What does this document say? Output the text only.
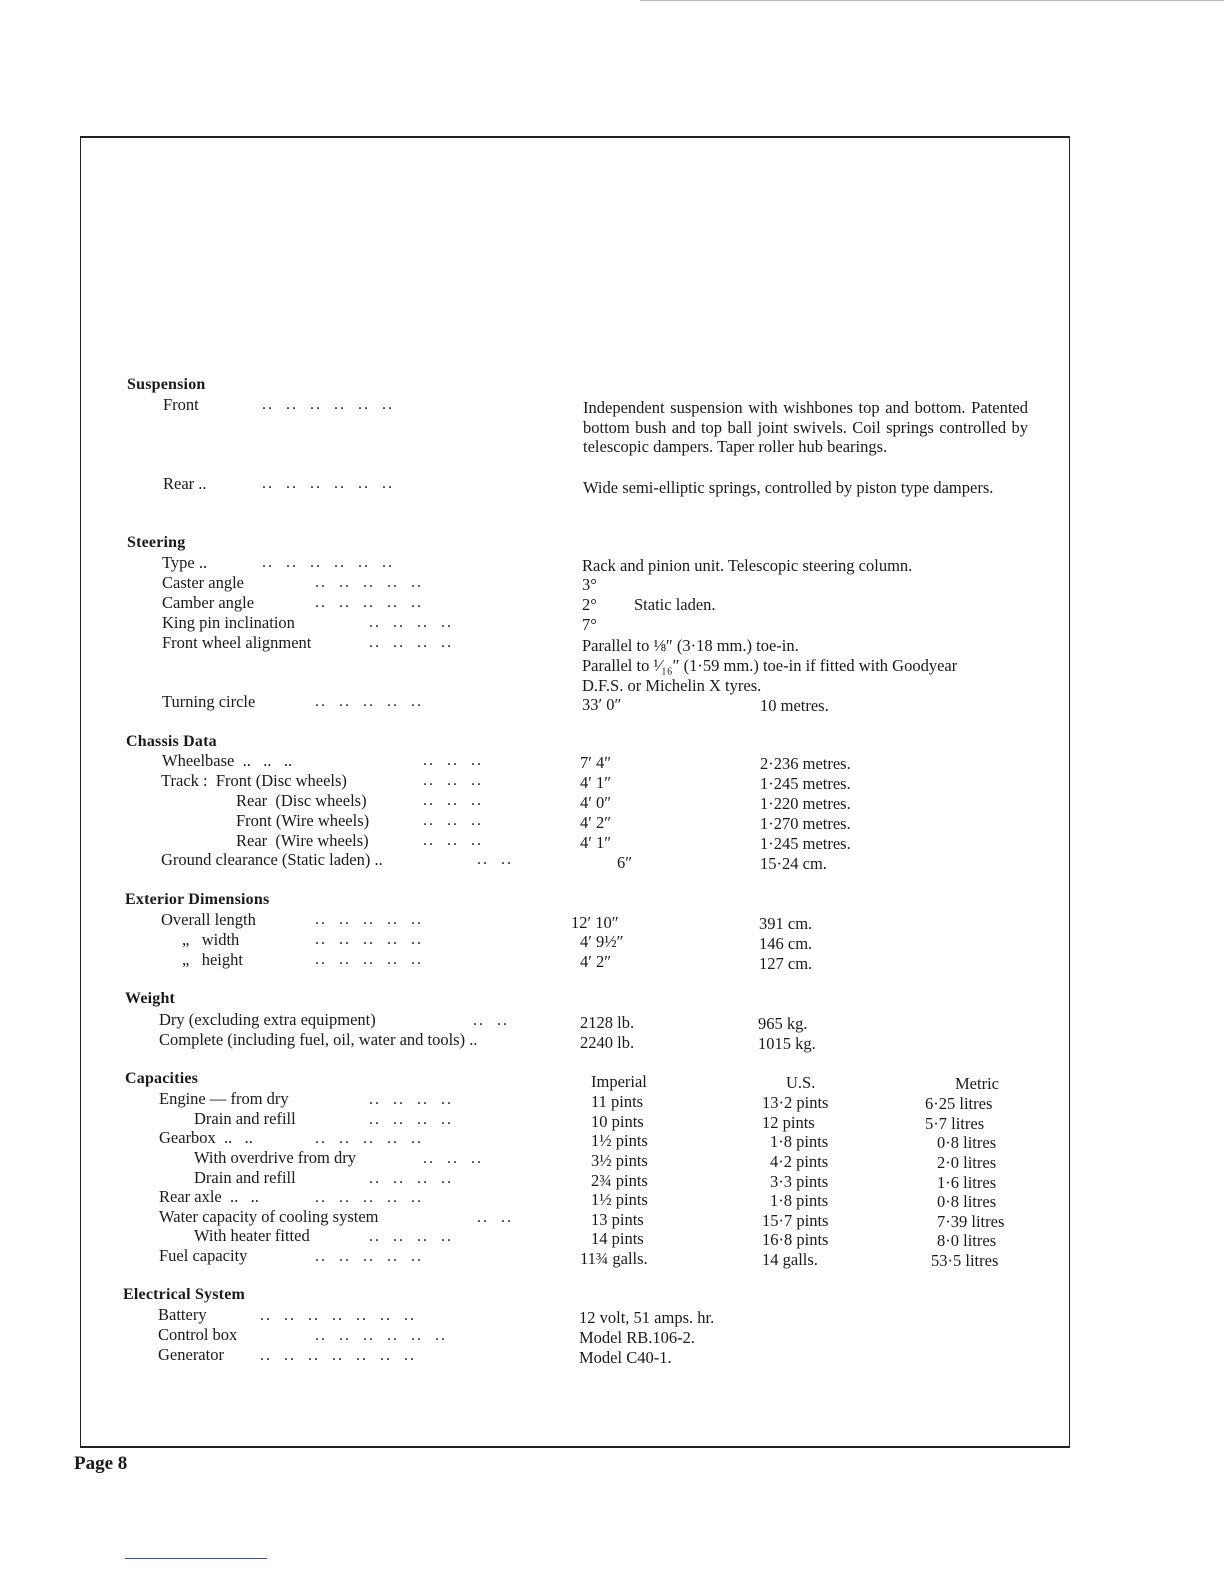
Suspension
Front	..  ..  ..  ..  ..  ..	Independent suspension with wishbones top and bottom. Patented bottom bush and top ball joint swivels. Coil springs controlled by telescopic dampers. Taper roller hub bearings.
Rear ..	..  ..  ..  ..  ..  ..	Wide semi-elliptic springs, controlled by piston type dampers.
Steering
Type ..	..  ..  ..  ..  ..  ..	Rack and pinion unit. Telescopic steering column.
Caster angle	..  ..  ..  ..  ..	3°
Camber angle	..  ..  ..  ..  ..	2° Static laden.
King pin inclination	..  ..  ..  ..	7°
Front wheel alignment	..  ..  ..  ..	Parallel to ⅛″ (3·18 mm.) toe-in.
Parallel to ¹⁄₁₆″ (1·59 mm.) toe-in if fitted with Goodyear
D.F.S. or Michelin X tyres.
Turning circle	..  ..  ..  ..  ..	33′ 0″	10 metres.
Chassis Data
Wheelbase  ..   ..   ..	..  ..  ..	7′ 4″	2·236 metres.
Track :  Front (Disc wheels)	..  ..  ..	4′ 1″	1·245 metres.
Rear  (Disc wheels)	..  ..  ..	4′ 0″	1·220 metres.
Front (Wire wheels)	..  ..  ..	4′ 2″	1·270 metres.
Rear  (Wire wheels)	..  ..  ..	4′ 1″	1·245 metres.
Ground clearance (Static laden) ..	..  ..	6″	15·24 cm.
Exterior Dimensions
Overall length	..  ..  ..  ..  ..	12′ 10″	391 cm.
„   width	..  ..  ..  ..  ..	4′ 9½″	146 cm.
„   height	..  ..  ..  ..  ..	4′ 2″	127 cm.
Weight
Dry (excluding extra equipment)	..  ..	2128 lb.	965 kg.
Complete (including fuel, oil, water and tools) ..	2240 lb.	1015 kg.
Capacities	Imperial	U.S.	Metric
Engine — from dry	..  ..  ..  ..	11 pints	13·2 pints	6·25 litres
Drain and refill	..  ..  ..  ..	10 pints	12 pints	5·7 litres
Gearbox  ..   ..	..  ..  ..  ..  ..	1½ pints	1·8 pints	0·8 litres
With overdrive from dry	..  ..  ..	3½ pints	4·2 pints	2·0 litres
Drain and refill	..  ..  ..  ..	2¾ pints	3·3 pints	1·6 litres
Rear axle  ..   ..	..  ..  ..  ..  ..	1½ pints	1·8 pints	0·8 litres
Water capacity of cooling system	..  ..	13 pints	15·7 pints	7·39 litres
With heater fitted	..  ..  ..  ..	14 pints	16·8 pints	8·0 litres
Fuel capacity	..  ..  ..  ..  ..	11¾ galls.	14 galls.	53·5 litres
Electrical System
Battery	..  ..  ..  ..  ..  ..  ..	12 volt, 51 amps. hr.
Control box	..  ..  ..  ..  ..  ..	Model RB.106-2.
Generator ..  ..  ..  ..  ..  ..  ..	Model C40-1.
Page 8
